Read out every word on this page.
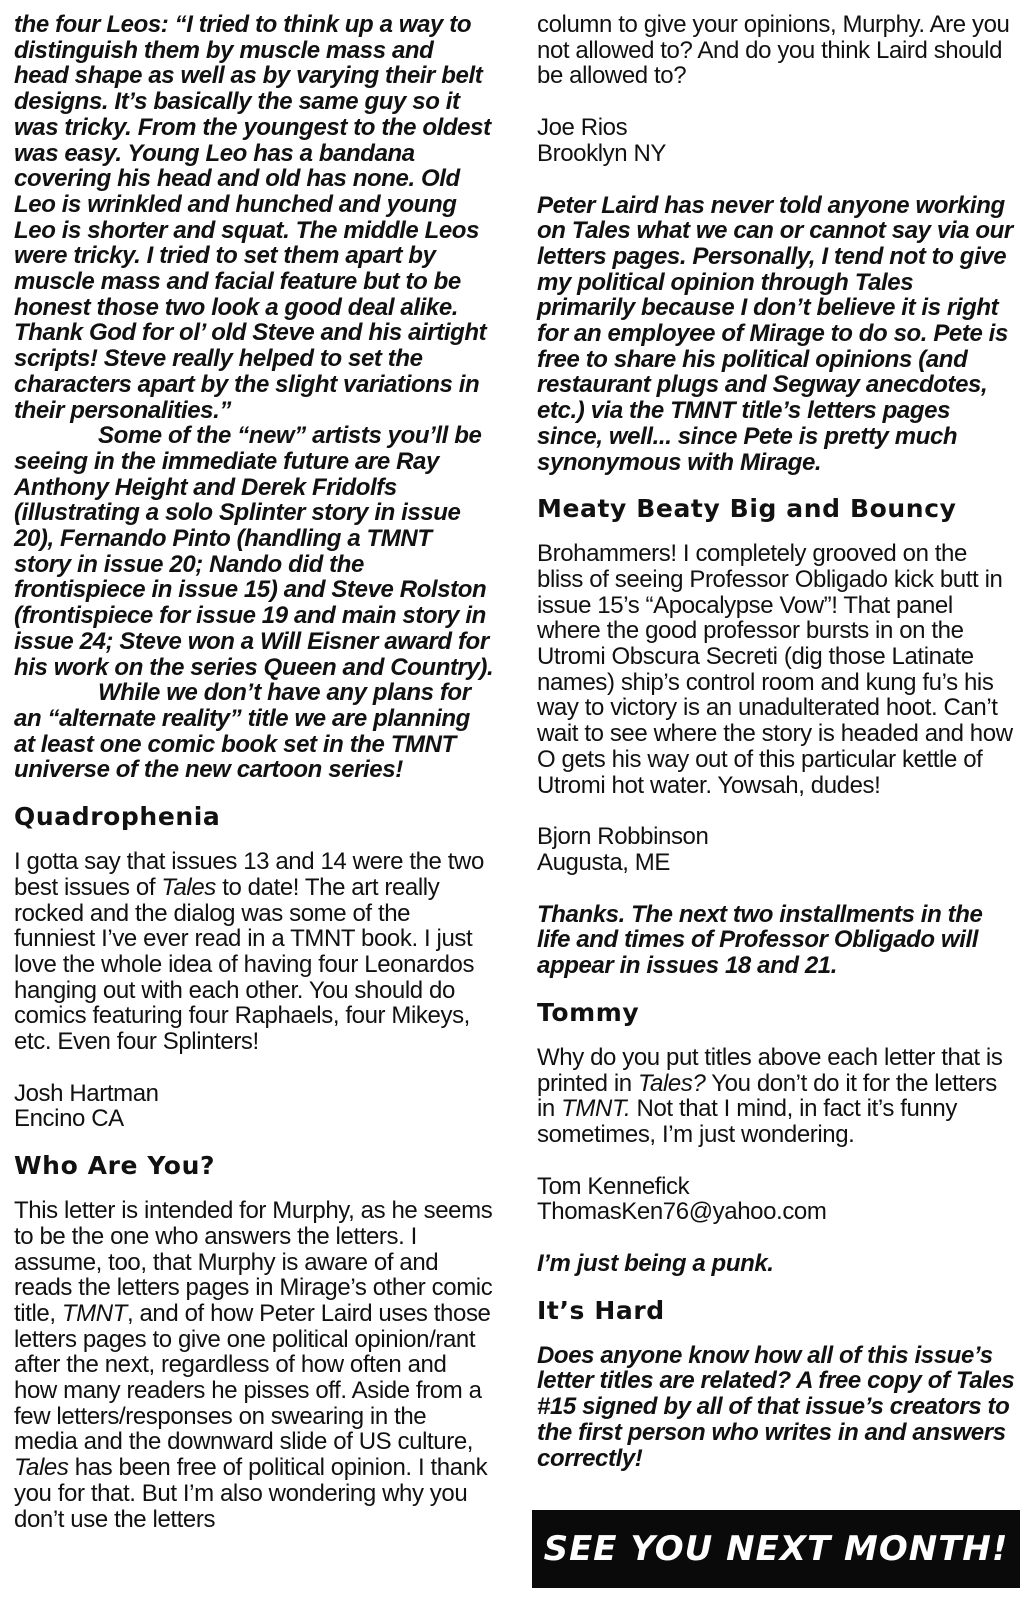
the four Leos: “I tried to think up a way to distinguish them by muscle mass and head shape as well as by varying their belt designs. It’s basically the same guy so it was tricky. From the youngest to the oldest was easy. Young Leo has a bandana covering his head and old has none. Old Leo is wrinkled and hunched and young Leo is shorter and squat. The middle Leos were tricky. I tried to set them apart by muscle mass and facial feature but to be honest those two look a good deal alike. Thank God for ol’ old Steve and his airtight scripts! Steve really helped to set the characters apart by the slight variations in their personalities.”

Some of the “new” artists you’ll be seeing in the immediate future are Ray Anthony Height and Derek Fridolfs (illustrating a solo Splinter story in issue 20), Fernando Pinto (handling a TMNT story in issue 20; Nando did the frontispiece in issue 15) and Steve Rolston (frontispiece for issue 19 and main story in issue 24; Steve won a Will Eisner award for his work on the series Queen and Country).

While we don’t have any plans for an “alternate reality” title we are planning at least one comic book set in the TMNT universe of the new cartoon series!

Quadrophenia

I gotta say that issues 13 and 14 were the two best issues of Tales to date! The art really rocked and the dialog was some of the funniest I’ve ever read in a TMNT book. I just love the whole idea of having four Leonardos hanging out with each other. You should do comics featuring four Raphaels, four Mikeys, etc. Even four Splinters!

Josh Hartman

Encino CA

Who Are You?

This letter is intended for Murphy, as he seems to be the one who answers the letters. I assume, too, that Murphy is aware of and reads the letters pages in Mirage’s other comic title, TMNT, and of how Peter Laird uses those letters pages to give one political opinion/rant after the next, regardless of how often and how many readers he pisses off. Aside from a few letters/responses on swearing in the media and the downward slide of US culture, Tales has been free of political opinion. I thank you for that. But I’m also wondering why you don’t use the letters

column to give your opinions, Murphy. Are you not allowed to? And do you think Laird should be allowed to?

Joe Rios

Brooklyn NY

Peter Laird has never told anyone working on Tales what we can or cannot say via our letters pages. Personally, I tend not to give my political opinion through Tales primarily because I don’t believe it is right for an employee of Mirage to do so. Pete is free to share his political opinions (and restaurant plugs and Segway anecdotes, etc.) via the TMNT title’s letters pages since, well... since Pete is pretty much synonymous with Mirage.

Meaty Beaty Big and Bouncy

Brohammers! I completely grooved on the bliss of seeing Professor Obligado kick butt in issue 15’s “Apocalypse Vow”! That panel where the good professor bursts in on the Utromi Obscura Secreti (dig those Latinate names) ship’s control room and kung fu’s his way to victory is an unadulterated hoot. Can’t wait to see where the story is headed and how O gets his way out of this particular kettle of Utromi hot water. Yowsah, dudes!

Bjorn Robbinson

Augusta, ME

Thanks. The next two installments in the life and times of Professor Obligado will appear in issues 18 and 21.

Tommy

Why do you put titles above each letter that is printed in Tales? You don’t do it for the letters in TMNT. Not that I mind, in fact it’s funny sometimes, I’m just wondering.

Tom Kennefick

ThomasKen76@yahoo.com

I’m just being a punk.

It’s Hard

Does anyone know how all of this issue’s letter titles are related? A free copy of Tales #15 signed by all of that issue’s creators to the first person who writes in and answers correctly!

SEE YOU NEXT MONTH!
